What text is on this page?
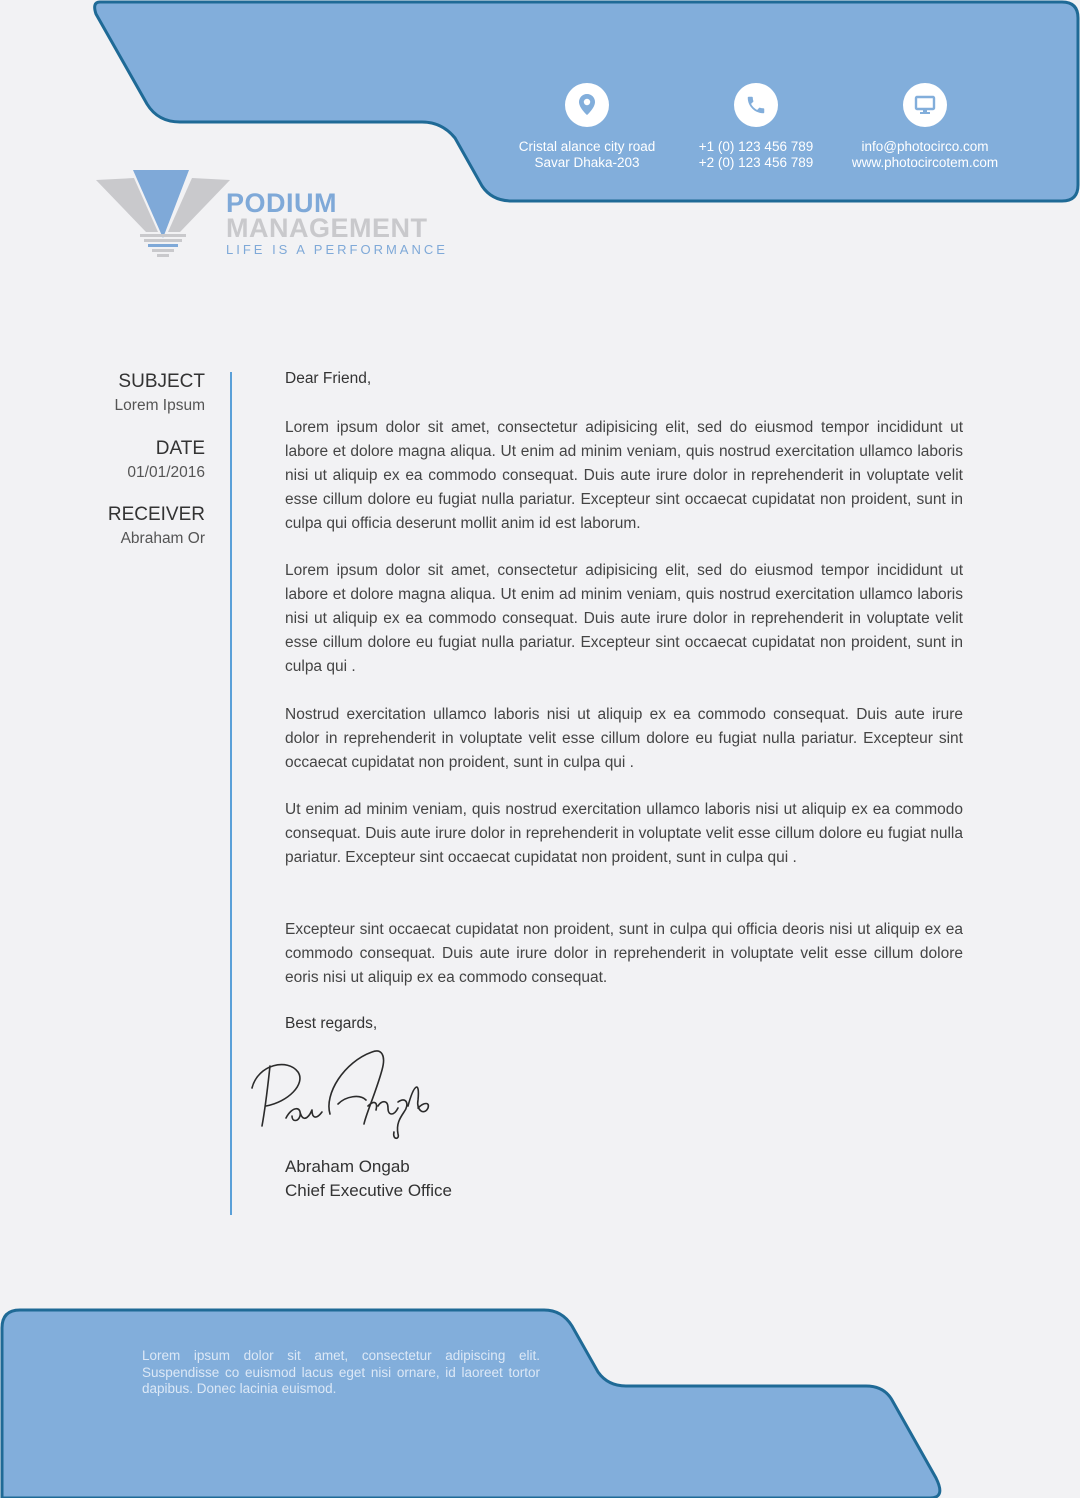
Cristal alance city road
Savar Dhaka-203
+1 (0) 123 456 789
+2 (0) 123 456 789
info@photocirco.com
www.photocircotem.com
PODIUM
MANAGEMENT
LIFE IS A PERFORMANCE
SUBJECT
Lorem Ipsum
DATE
01/01/2016
RECEIVER
Abraham Or
Dear Friend,
Lorem ipsum dolor sit amet, consectetur adipisicing elit, sed do eiusmod tempor incididunt ut labore et dolore magna aliqua. Ut enim ad minim veniam, quis nostrud exercitation ullamco laboris nisi ut aliquip ex ea commodo consequat. Duis aute irure dolor in reprehenderit in voluptate velit esse cillum dolore eu fugiat nulla pariatur. Excepteur sint occaecat cupidatat non proident, sunt in culpa qui officia deserunt mollit anim id est laborum.
Lorem ipsum dolor sit amet, consectetur adipisicing elit, sed do eiusmod tempor incididunt ut labore et dolore magna aliqua. Ut enim ad minim veniam, quis nostrud exercitation ullamco laboris nisi ut aliquip ex ea commodo consequat. Duis aute irure dolor in reprehenderit in voluptate velit esse cillum dolore eu fugiat nulla pariatur. Excepteur sint occaecat cupidatat non proident, sunt in culpa qui .
Nostrud exercitation ullamco laboris nisi ut aliquip ex ea commodo consequat. Duis aute irure dolor in reprehenderit in voluptate velit esse cillum dolore eu fugiat nulla pariatur. Excepteur sint occaecat cupidatat non proident, sunt in culpa qui .
Ut enim ad minim veniam, quis nostrud exercitation ullamco laboris nisi ut aliquip ex ea commodo consequat. Duis aute irure dolor in reprehenderit in voluptate velit esse cillum dolore eu fugiat nulla pariatur. Excepteur sint occaecat cupidatat non proident, sunt in culpa qui .
Excepteur sint occaecat cupidatat non proident, sunt in culpa qui officia deoris nisi ut aliquip ex ea commodo consequat. Duis aute irure dolor in reprehenderit in voluptate velit esse cillum dolore eoris nisi ut aliquip ex ea commodo consequat.
Best regards,
Abraham Ongab
Chief Executive Office
Lorem ipsum dolor sit amet, consectetur adipiscing elit. Suspendisse co euismod lacus eget nisi ornare, id laoreet tortor dapibus. Donec lacinia euismod.
